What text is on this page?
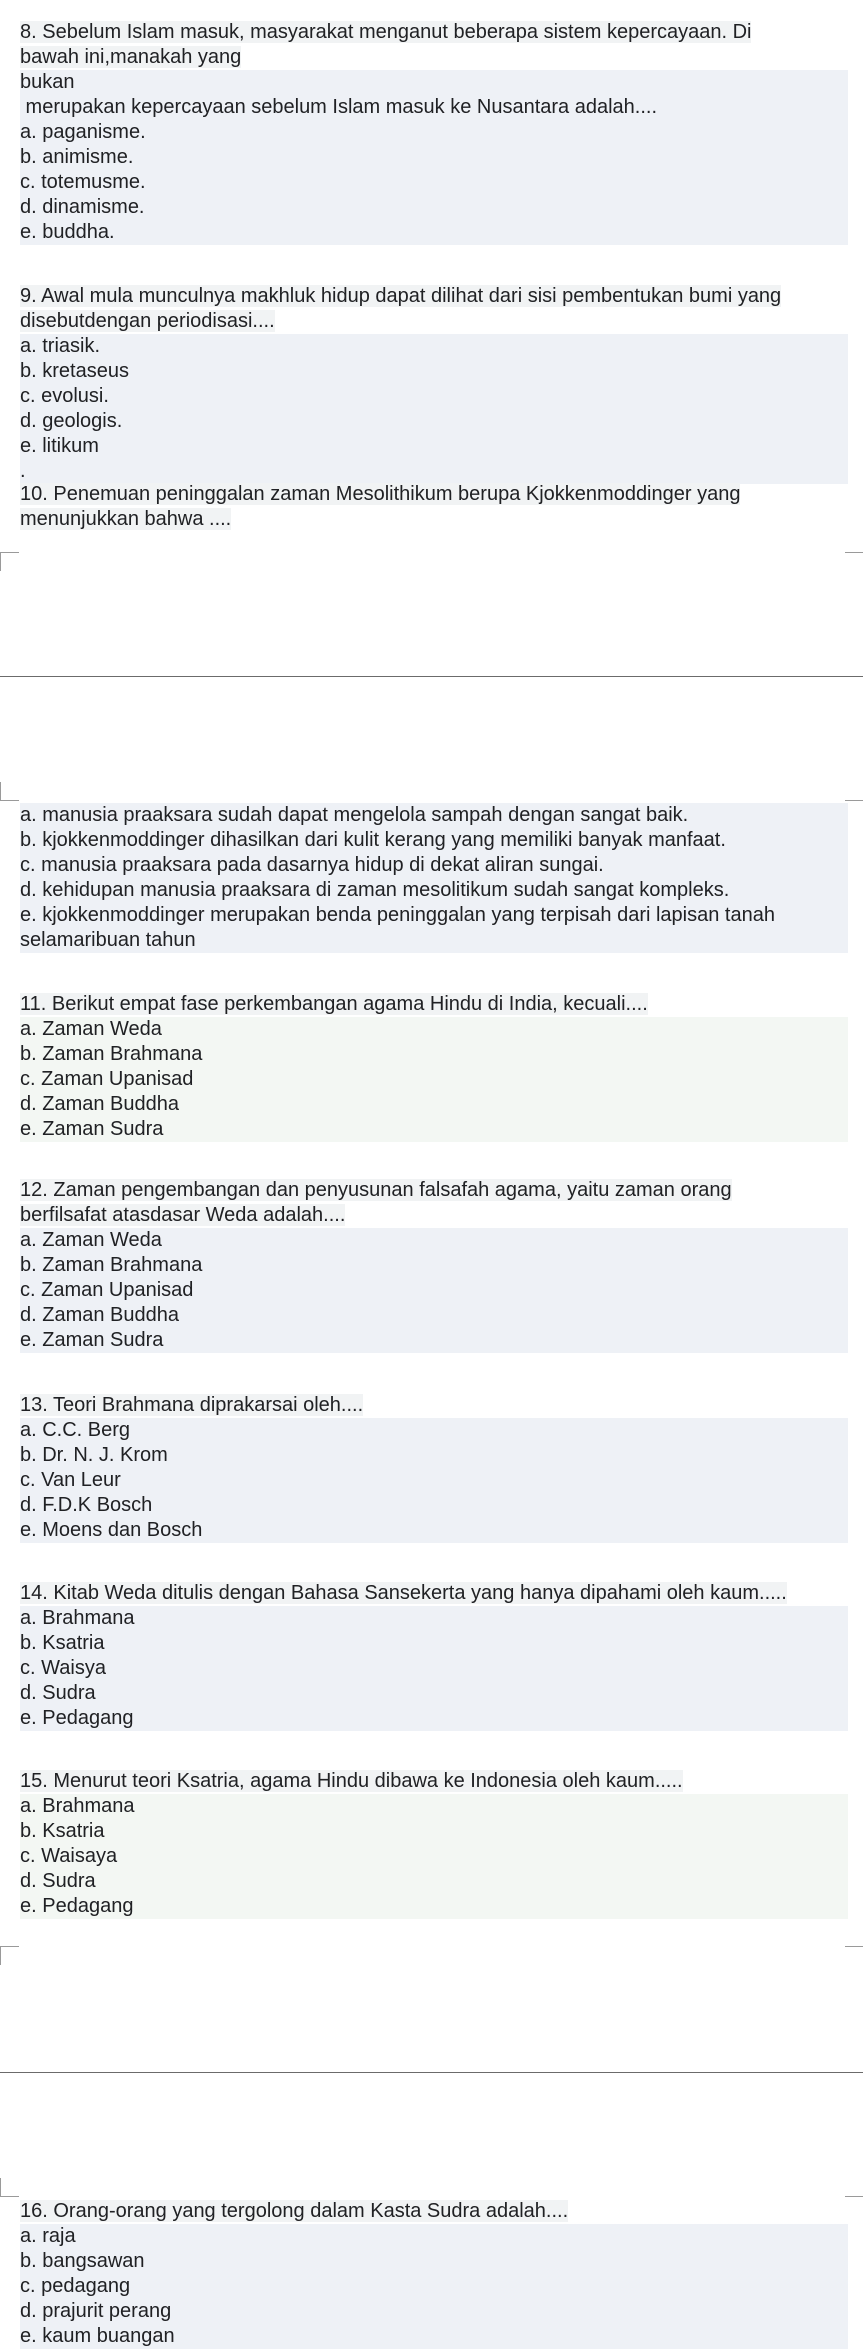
8. Sebelum Islam masuk, masyarakat menganut beberapa sistem kepercayaan. Di
bawah ini,manakah yang
bukan
merupakan kepercayaan sebelum Islam masuk ke Nusantara adalah....
a. paganisme.
b. animisme.
c. totemusme.
d. dinamisme.
e. buddha.
9. Awal mula munculnya makhluk hidup dapat dilihat dari sisi pembentukan bumi yang
disebutdengan periodisasi....
a. triasik.
b. kretaseus
c. evolusi.
d. geologis.
e. litikum
.
10. Penemuan peninggalan zaman Mesolithikum berupa Kjokkenmoddinger yang
menunjukkan bahwa ....
a. manusia praaksara sudah dapat mengelola sampah dengan sangat baik.
b. kjokkenmoddinger dihasilkan dari kulit kerang yang memiliki banyak manfaat.
c. manusia praaksara pada dasarnya hidup di dekat aliran sungai.
d. kehidupan manusia praaksara di zaman mesolitikum sudah sangat kompleks.
e. kjokkenmoddinger merupakan benda peninggalan yang terpisah dari lapisan tanah
selamaribuan tahun
11. Berikut empat fase perkembangan agama Hindu di India, kecuali....
a. Zaman Weda
b. Zaman Brahmana
c. Zaman Upanisad
d. Zaman Buddha
e. Zaman Sudra
12. Zaman pengembangan dan penyusunan falsafah agama, yaitu zaman orang
berfilsafat atasdasar Weda adalah....
a. Zaman Weda
b. Zaman Brahmana
c. Zaman Upanisad
d. Zaman Buddha
e. Zaman Sudra
13. Teori Brahmana diprakarsai oleh....
a. C.C. Berg
b. Dr. N. J. Krom
c. Van Leur
d. F.D.K Bosch
e. Moens dan Bosch
14. Kitab Weda ditulis dengan Bahasa Sansekerta yang hanya dipahami oleh kaum.....
a. Brahmana
b. Ksatria
c. Waisya
d. Sudra
e. Pedagang
15. Menurut teori Ksatria, agama Hindu dibawa ke Indonesia oleh kaum.....
a. Brahmana
b. Ksatria
c. Waisaya
d. Sudra
e. Pedagang
16. Orang-orang yang tergolong dalam Kasta Sudra adalah....
a. raja
b. bangsawan
c. pedagang
d. prajurit perang
e. kaum buangan
